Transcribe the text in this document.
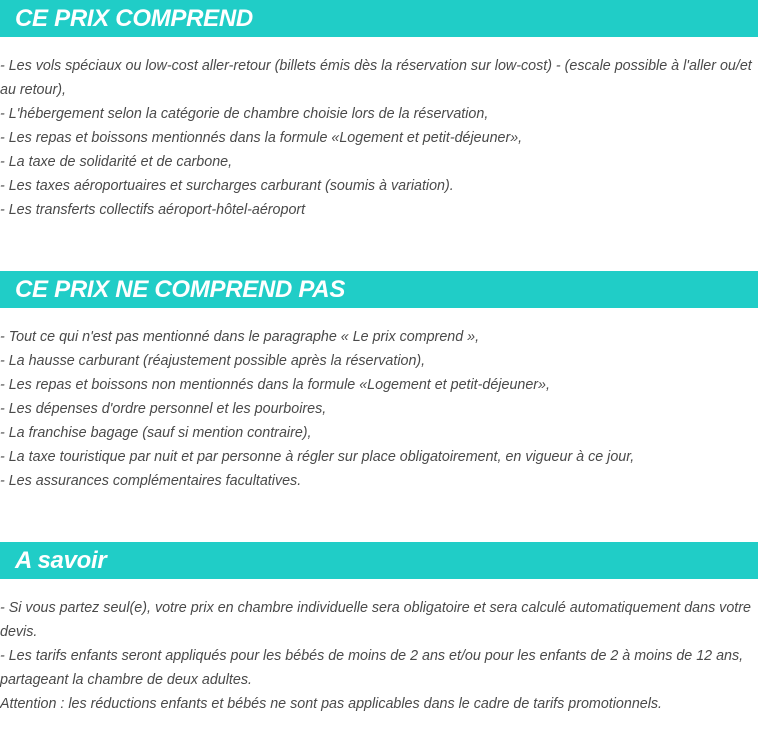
CE PRIX COMPREND

- Les vols spéciaux ou low-cost aller-retour (billets émis dès la réservation sur low-cost) - (escale possible à l'aller ou/et au retour),

- L'hébergement selon la catégorie de chambre choisie lors de la réservation,

- Les repas et boissons mentionnés dans la formule «Logement et petit-déjeuner»,

- La taxe de solidarité et de carbone,

- Les taxes aéroportuaires et surcharges carburant (soumis à variation).

- Les transferts collectifs aéroport-hôtel-aéroport

CE PRIX NE COMPREND PAS

- Tout ce qui n'est pas mentionné dans le paragraphe « Le prix comprend »,

- La hausse carburant (réajustement possible après la réservation),

- Les repas et boissons non mentionnés dans la formule «Logement et petit-déjeuner»,

- Les dépenses d'ordre personnel et les pourboires,

- La franchise bagage (sauf si mention contraire),

- La taxe touristique par nuit et par personne à régler sur place obligatoirement, en vigueur à ce jour,

- Les assurances complémentaires facultatives.

A savoir

- Si vous partez seul(e), votre prix en chambre individuelle sera obligatoire et sera calculé automatiquement dans votre devis.

- Les tarifs enfants seront appliqués pour les bébés de moins de 2 ans et/ou pour les enfants de 2 à moins de 12 ans, partageant la chambre de deux adultes.

Attention : les réductions enfants et bébés ne sont pas applicables dans le cadre de tarifs promotionnels.
